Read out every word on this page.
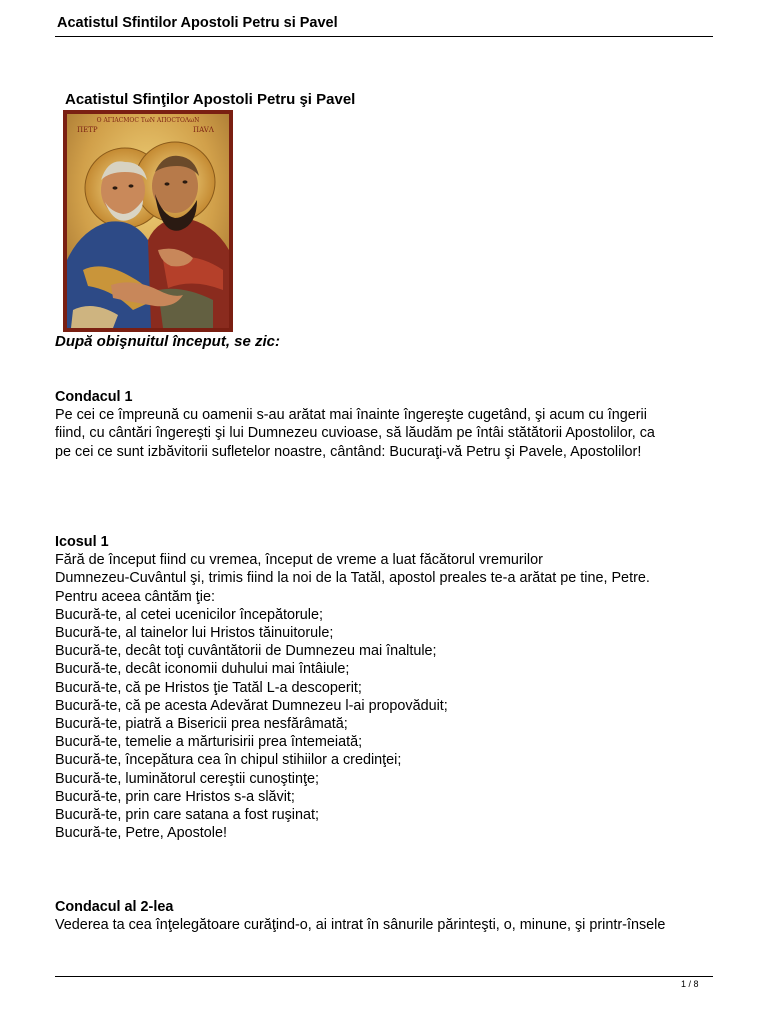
Acatistul Sfintilor Apostoli Petru si Pavel
Acatistul Sfinţilor Apostoli Petru şi Pavel
O AΓIACΜOC TωN AΠOCTOΛωN
ΠEΤΡ	ΠAVΛ
După obişnuitul început, se zic:
Condacul 1
Pe cei ce împreună cu oamenii s-au arătat mai înainte îngereşte cugetând, şi acum cu îngerii
fiind, cu cântări îngereşti şi lui Dumnezeu cuvioase, să lăudăm pe întâi stătătorii Apostolilor, ca
pe cei ce sunt izbăvitorii sufletelor noastre, cântând: Bucuraţi-vă Petru şi Pavele, Apostolilor!
Icosul 1
Fără de început fiind cu vremea, început de vreme a luat făcătorul vremurilor
Dumnezeu-Cuvântul şi, trimis fiind la noi de la Tatăl, apostol preales te-a arătat pe tine, Petre.
Pentru aceea cântăm ţie:
Bucură-te, al cetei ucenicilor începătorule;
Bucură-te, al tainelor lui Hristos tăinuitorule;
Bucură-te, decât toţi cuvântătorii de Dumnezeu mai înaltule;
Bucură-te, decât iconomii duhului mai întâiule;
Bucură-te, că pe Hristos ţie Tatăl L-a descoperit;
Bucură-te, că pe acesta Adevărat Dumnezeu l-ai propovăduit;
Bucură-te, piatră a Bisericii prea nesfărâmată;
Bucură-te, temelie a mărturisirii prea întemeiată;
Bucură-te, începătura cea în chipul stihiilor a credinţei;
Bucură-te, luminătorul cereştii cunoştinţe;
Bucură-te, prin care Hristos s-a slăvit;
Bucură-te, prin care satana a fost ruşinat;
Bucură-te, Petre, Apostole!
Condacul al 2-lea
Vederea ta cea înţelegătoare curăţind-o, ai intrat în sânurile părinteşti, o, minune, şi printr-însele
1 / 8
